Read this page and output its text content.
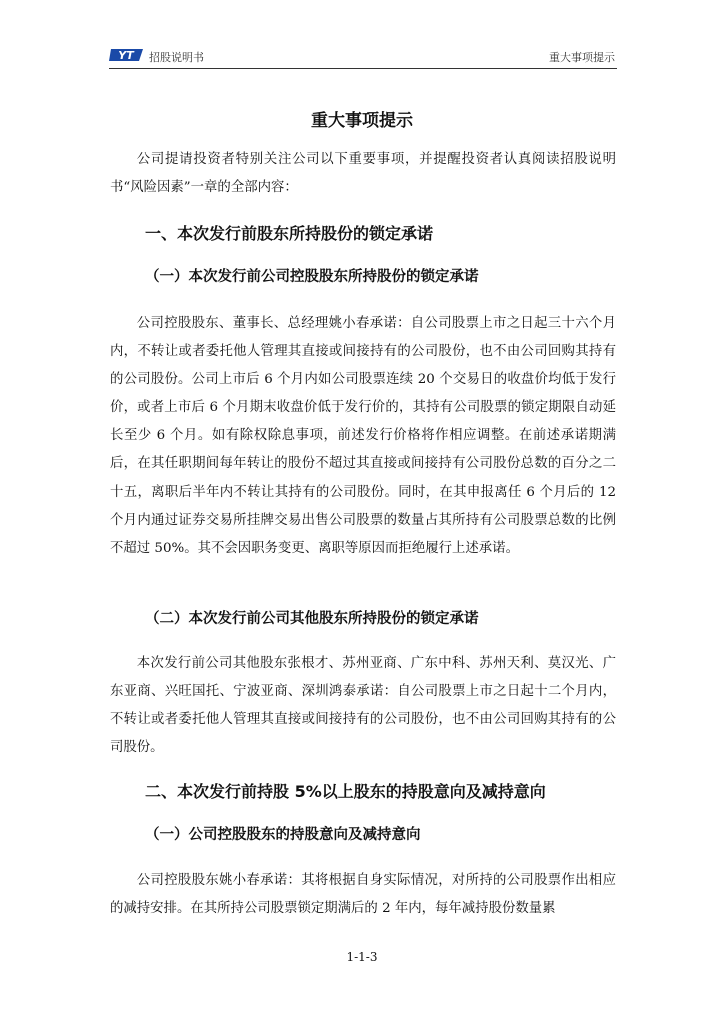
YT 招股说明书	重大事项提示
重大事项提示

公司提请投资者特别关注公司以下重要事项，并提醒投资者认真阅读招股说明书“风险因素”一章的全部内容：

一、本次发行前股东所持股份的锁定承诺
（一）本次发行前公司控股股东所持股份的锁定承诺

公司控股股东、董事长、总经理姚小春承诺：自公司股票上市之日起三十六个月内，不转让或者委托他人管理其直接或间接持有的公司股份，也不由公司回购其持有的公司股份。公司上市后 6 个月内如公司股票连续 20 个交易日的收盘价均低于发行价，或者上市后 6 个月期末收盘价低于发行价的，其持有公司股票的锁定期限自动延长至少 6 个月。如有除权除息事项，前述发行价格将作相应调整。在前述承诺期满后，在其任职期间每年转让的股份不超过其直接或间接持有公司股份总数的百分之二十五，离职后半年内不转让其持有的公司股份。同时，在其申报离任 6 个月后的 12 个月内通过证券交易所挂牌交易出售公司股票的数量占其所持有公司股票总数的比例不超过 50%。其不会因职务变更、离职等原因而拒绝履行上述承诺。

（二）本次发行前公司其他股东所持股份的锁定承诺

本次发行前公司其他股东张根才、苏州亚商、广东中科、苏州天利、莫汉光、广东亚商、兴旺国托、宁波亚商、深圳鸿泰承诺：自公司股票上市之日起十二个月内，不转让或者委托他人管理其直接或间接持有的公司股份，也不由公司回购其持有的公司股份。

二、本次发行前持股 5%以上股东的持股意向及减持意向
（一）公司控股股东的持股意向及减持意向

公司控股股东姚小春承诺：其将根据自身实际情况，对所持的公司股票作出相应的减持安排。在其所持公司股票锁定期满后的 2 年内，每年减持股份数量累

1-1-3
